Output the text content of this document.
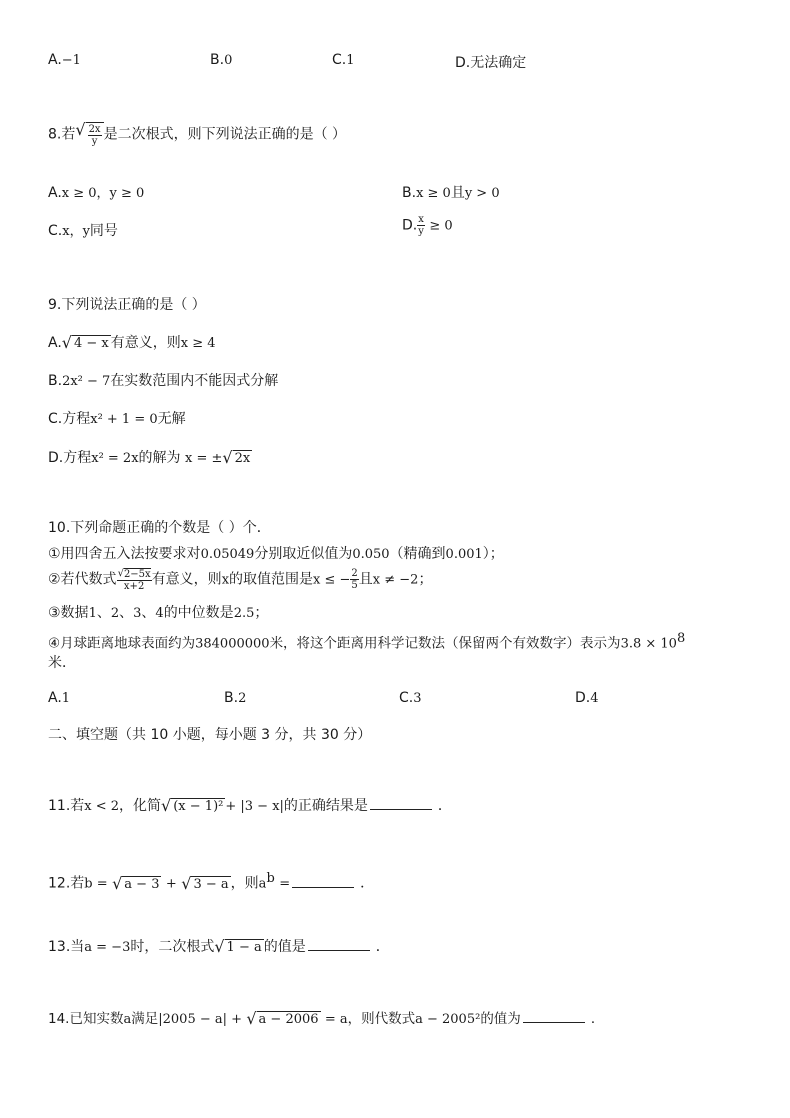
A.−1	B.0	C.1	D.无法确定
8.若 √ $\frac{2x}{y}$ 是二次根式，则下列说法正确的是（ ）
A.x ≥ 0，y ≥ 0	B.x ≥ 0且y > 0
C.x，y同号	D. $\frac{x}{y} \ge 0$
9.下列说法正确的是（ ）
A. √ 4 − x 有意义，则x ≥ 4
B.2x² − 7在实数范围内不能因式分解
C.方程x² + 1 = 0无解
D.方程x² = 2x的解为 x = ± √ 2x
10.下列命题正确的个数是（ ）个．
①用四舍五入法按要求对0.05049分别取近似值为0.050（精确到0.001）；
②若代数式 $\frac{√ 2-5x}{x+2}$ 有意义，则x的取值范围是x ≤ − $\frac{2}{5}$ 且x ≠ −2；
③数据1、2、3、4的中位数是2.5；
④月球距离地球表面约为384000000米，将这个距离用科学记数法（保留两个有效数字）表示为$3.8 \times 10^8$
米．
A.1	B.2	C.3	D.4
二、填空题（共 10 小题，每小题 3 分，共 30 分）
11.若x < 2，化简 √ (x − 1)² + |3 − x|的正确结果是	．
12.若b = √ a − 3 + √ 3 − a ，则$a^b$ =	．
13.当a = −3时，二次根式 √ 1 − a 的值是	．
14.已知实数a满足|2005 − a| + √ a − 2006 = a，则代数式a − 2005²的值为	．
